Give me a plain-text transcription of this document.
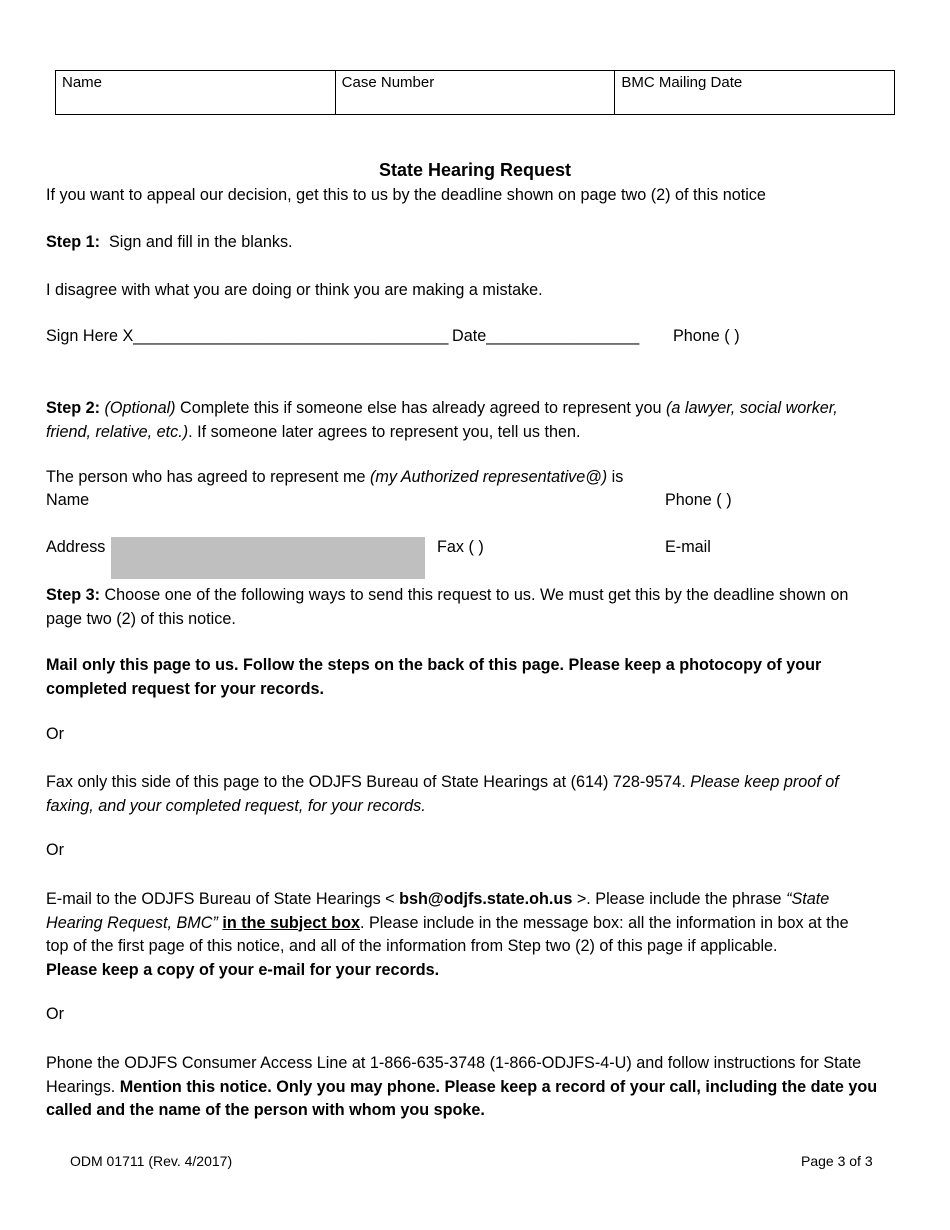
Name	Case Number	BMC Mailing Date
State Hearing Request
If you want to appeal our decision, get this to us by the deadline shown on page two (2) of this notice
Step 1: Sign and fill in the blanks.
I disagree with what you are doing or think you are making a mistake.
Sign Here X___________________________________ Date_________________ Phone ( )
Step 2: (Optional) Complete this if someone else has already agreed to represent you (a lawyer, social worker,
friend, relative, etc.). If someone later agrees to represent you, tell us then.
The person who has agreed to represent me (my Authorized representative@) is
Name	Phone ( )
Address	Fax ( )	E-mail
Step 3: Choose one of the following ways to send this request to us. We must get this by the deadline shown on
page two (2) of this notice.
Mail only this page to us. Follow the steps on the back of this page. Please keep a photocopy of your
completed request for your records.
Or
Fax only this side of this page to the ODJFS Bureau of State Hearings at (614) 728-9574. Please keep proof of
faxing, and your completed request, for your records.
Or
E-mail to the ODJFS Bureau of State Hearings < bsh@odjfs.state.oh.us >. Please include the phrase “State
Hearing Request, BMC” in the subject box. Please include in the message box: all the information in box at the
top of the first page of this notice, and all of the information from Step two (2) of this page if applicable.
Please keep a copy of your e-mail for your records.
Or
Phone the ODJFS Consumer Access Line at 1-866-635-3748 (1-866-ODJFS-4-U) and follow instructions for State
Hearings. Mention this notice. Only you may phone. Please keep a record of your call, including the date you
called and the name of the person with whom you spoke.
ODM 01711 (Rev. 4/2017)	Page 3 of 3
